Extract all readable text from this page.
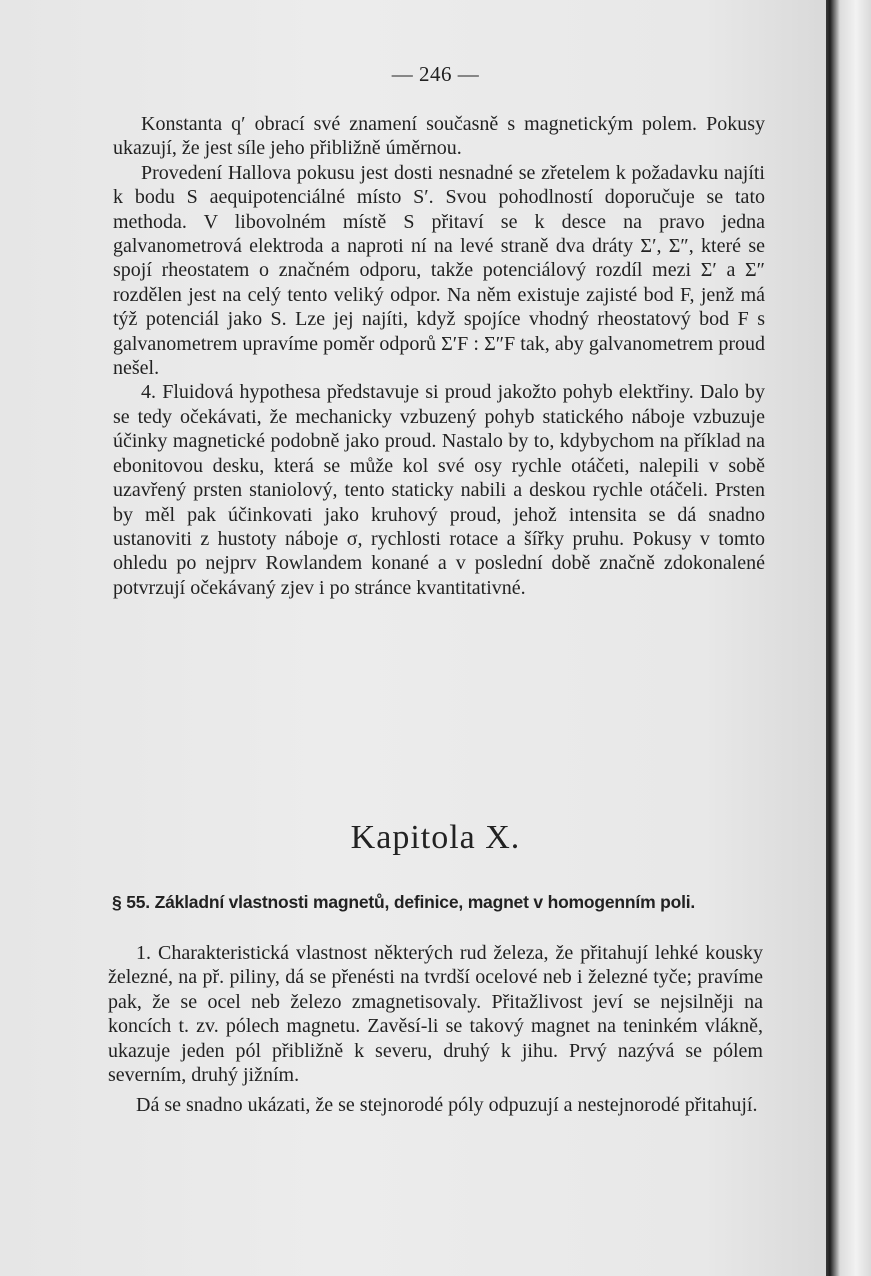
— 246 —

Konstanta q′ obrací své znamení současně s magnetickým polem. Pokusy ukazují, že jest síle jeho přibližně úměrnou.

Provedení Hallova pokusu jest dosti nesnadné se zřetelem k požadavku najíti k bodu S aequipotenciálné místo S′. Svou pohodlností doporučuje se tato methoda. V libovolném místě S přitaví se k desce na pravo jedna galvanometrová elektroda a naproti ní na levé straně dva dráty Σ′, Σ″, které se spojí rheostatem o značném odporu, takže potenciálový rozdíl mezi Σ′ a Σ″ rozdělen jest na celý tento veliký odpor. Na něm existuje zajisté bod F, jenž má týž potenciál jako S. Lze jej najíti, když spojíce vhodný rheostatový bod F s galvanometrem upravíme poměr odporů Σ′F : Σ″F tak, aby galvanometrem proud nešel.

4. Fluidová hypothesa představuje si proud jakožto pohyb elektřiny. Dalo by se tedy očekávati, že mechanicky vzbuzený pohyb statického náboje vzbuzuje účinky magnetické podobně jako proud. Nastalo by to, kdybychom na příklad na ebonitovou desku, která se může kol své osy rychle otáčeti, nalepili v sobě uzavřený prsten staniolový, tento staticky nabili a deskou rychle otáčeli. Prsten by měl pak účinkovati jako kruhový proud, jehož intensita se dá snadno ustanoviti z hustoty náboje σ, rychlosti rotace a šířky pruhu. Pokusy v tomto ohledu po nejprv Rowlandem konané a v poslední době značně zdokonalené potvrzují očekávaný zjev i po stránce kvantitativné.

Kapitola X.
§ 55. Základní vlastnosti magnetů, definice, magnet v homogenním poli.

1. Charakteristická vlastnost některých rud železa, že přitahují lehké kousky železné, na př. piliny, dá se přenésti na tvrdší ocelové neb i železné tyče; pravíme pak, že se ocel neb železo zmagnetisovaly. Přitažlivost jeví se nejsilněji na koncích t. zv. pólech magnetu. Zavěsí-li se takový magnet na teninkém vlákně, ukazuje jeden pól přibližně k severu, druhý k jihu. Prvý nazývá se pólem severním, druhý jižním.

Dá se snadno ukázati, že se stejnorodé póly odpuzují a nestejnorodé přitahují.
